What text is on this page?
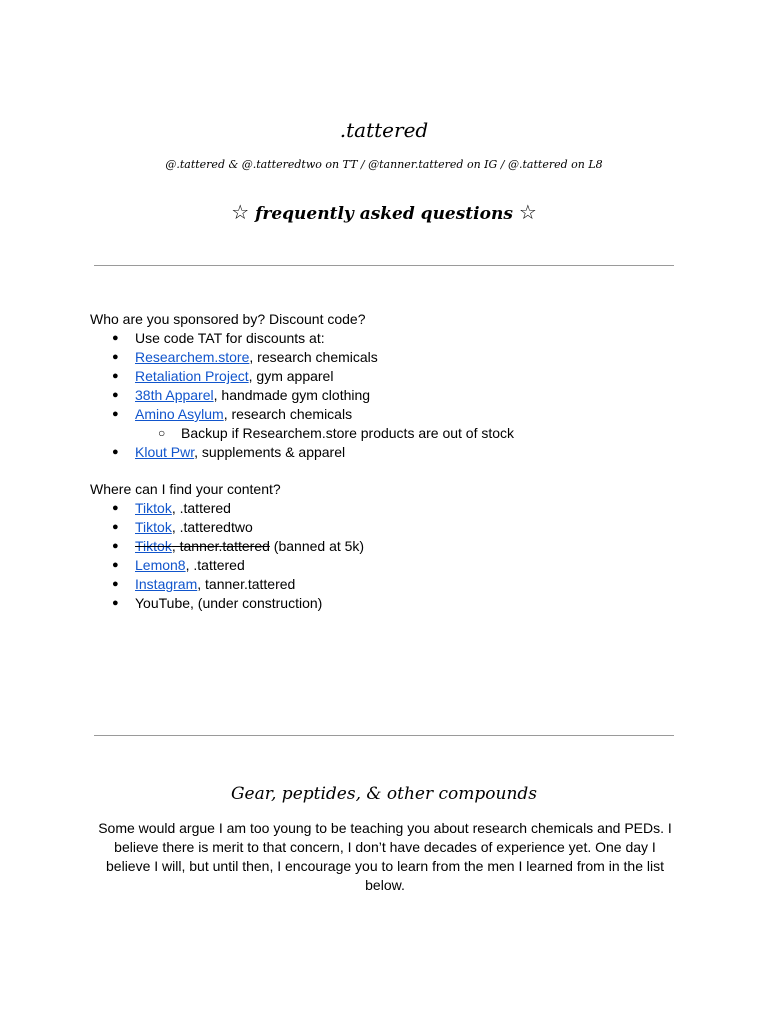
.tattered
@.tattered & @.tatteredtwo on TT / @tanner.tattered on IG / @.tattered on L8
☆ frequently asked questions ☆

Who are you sponsored by? Discount code?

● Use code TAT for discounts at:
● Researchem.store, research chemicals
● Retaliation Project, gym apparel
● 38th Apparel, handmade gym clothing
● Amino Asylum, research chemicals
○ Backup if Researchem.store products are out of stock
● Klout Pwr, supplements & apparel

Where can I find your content?

● Tiktok, .tattered
● Tiktok, .tatteredtwo
● Tiktok, tanner.tattered (banned at 5k)
● Lemon8, .tattered
● Instagram, tanner.tattered
● YouTube, (under construction)
Gear, peptides, & other compounds
Some would argue I am too young to be teaching you about research chemicals and PEDs. I believe there is merit to that concern, I don’t have decades of experience yet. One day I believe I will, but until then, I encourage you to learn from the men I learned from in the list below.
